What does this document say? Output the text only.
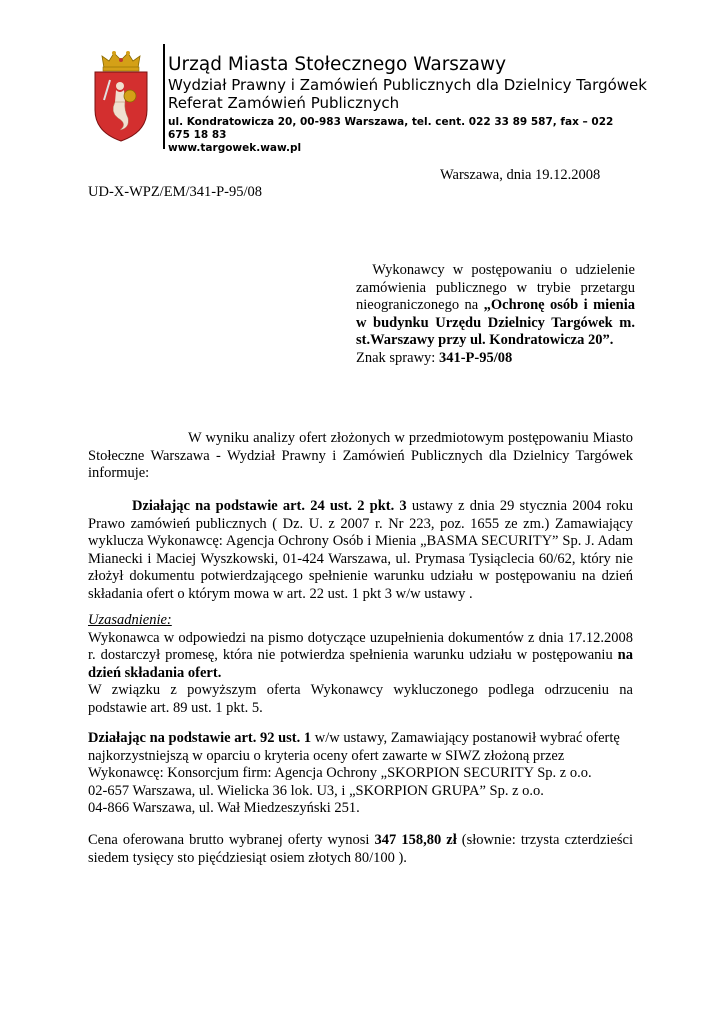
Urząd Miasta Stołecznego Warszawy
Wydział Prawny i Zamówień Publicznych dla Dzielnicy Targówek
Referat Zamówień Publicznych
ul. Kondratowicza 20, 00-983 Warszawa, tel. cent. 022 33 89 587, fax – 022 675 18 83
www.targowek.waw.pl
Warszawa, dnia 19.12.2008
UD-X-WPZ/EM/341-P-95/08
Wykonawcy w postępowaniu o udzielenie zamówienia publicznego w trybie przetargu nieograniczonego na „Ochronę osób i mienia w budynku Urzędu Dzielnicy Targówek m. st.Warszawy przy ul. Kondratowicza 20”.
Znak sprawy: 341-P-95/08
W wyniku analizy ofert złożonych w przedmiotowym postępowaniu Miasto Stołeczne Warszawa - Wydział Prawny i Zamówień Publicznych dla Dzielnicy Targówek informuje:
Działając na podstawie art. 24 ust. 2 pkt. 3 ustawy z dnia 29 stycznia 2004 roku Prawo zamówień publicznych ( Dz. U. z 2007 r. Nr 223, poz. 1655 ze zm.) Zamawiający wyklucza Wykonawcę: Agencja Ochrony Osób i Mienia „BASMA SECURITY” Sp. J. Adam Mianecki i Maciej Wyszkowski, 01-424 Warszawa, ul. Prymasa Tysiąclecia 60/62, który nie złożył dokumentu potwierdzającego spełnienie warunku udziału w postępowaniu na dzień składania ofert o którym mowa w art. 22 ust. 1 pkt 3 w/w ustawy .
Uzasadnienie:
Wykonawca w odpowiedzi na pismo dotyczące uzupełnienia dokumentów z dnia 17.12.2008 r. dostarczył promesę, która nie potwierdza spełnienia warunku udziału w postępowaniu na dzień składania ofert.
W związku z powyższym oferta Wykonawcy wykluczonego podlega odrzuceniu na podstawie art. 89 ust. 1 pkt. 5.
Działając na podstawie art. 92 ust. 1 w/w ustawy, Zamawiający postanowił wybrać ofertę
najkorzystniejszą w oparciu o kryteria oceny ofert zawarte w SIWZ złożoną przez
Wykonawcę: Konsorcjum firm: Agencja Ochrony „SKORPION SECURITY Sp. z o.o.
02-657 Warszawa, ul. Wielicka 36 lok. U3, i „SKORPION GRUPA” Sp. z o.o.
04-866 Warszawa, ul. Wał Miedzeszyński 251.
Cena oferowana brutto wybranej oferty wynosi 347 158,80 zł (słownie: trzysta czterdzieści siedem tysięcy sto pięćdziesiąt osiem złotych 80/100 ).
